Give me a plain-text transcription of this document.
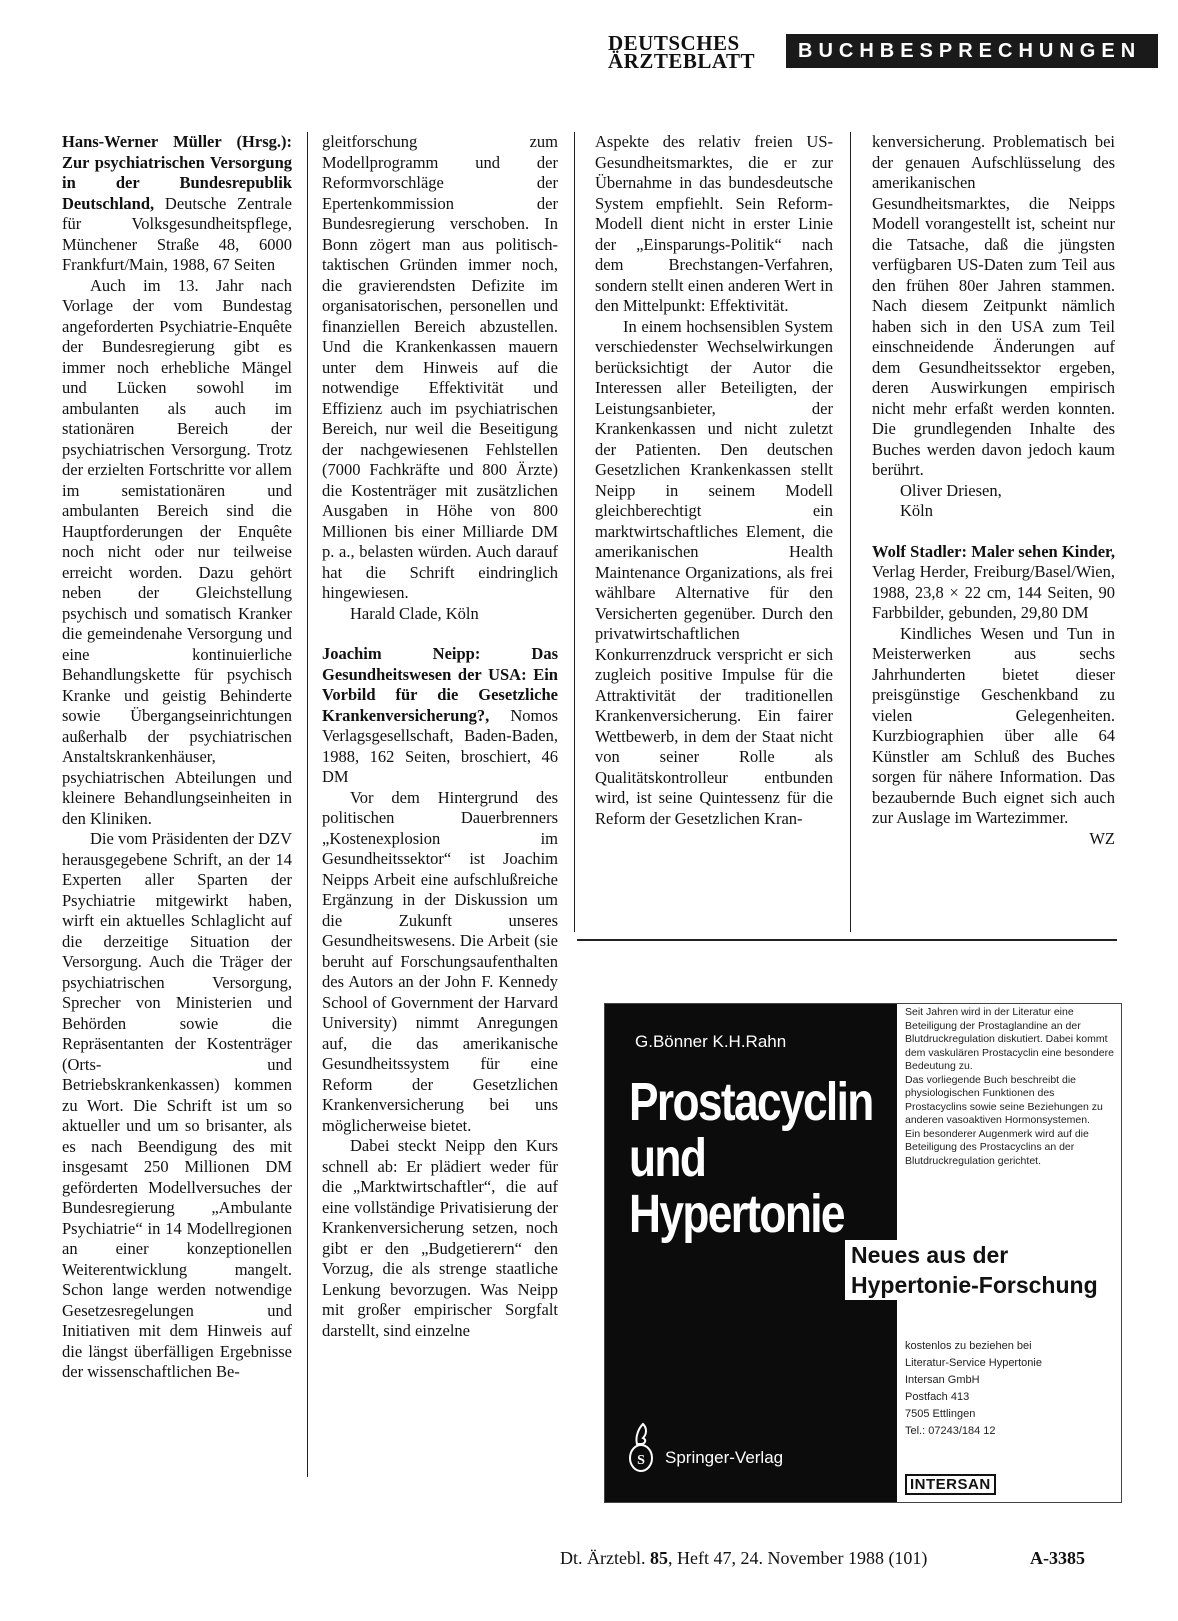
DEUTSCHES
ÄRZTEBLATT BUCHBESPRECHUNGEN

Hans-Werner Müller (Hrsg.): Zur psychiatrischen Versorgung in der Bundesrepublik Deutschland, Deutsche Zentrale für Volksgesundheitspflege, Münchener Straße 48, 6000 Frankfurt/Main, 1988, 67 Seiten

Auch im 13. Jahr nach Vorlage der vom Bundestag angeforderten Psychiatrie-Enquête der Bundesregierung gibt es immer noch erhebliche Mängel und Lücken sowohl im ambulanten als auch im stationären Bereich der psychiatrischen Versorgung. Trotz der erzielten Fortschritte vor allem im semistationären und ambulanten Bereich sind die Hauptforderungen der Enquête noch nicht oder nur teilweise erreicht worden. Dazu gehört neben der Gleichstellung psychisch und somatisch Kranker die gemeindenahe Versorgung und eine kontinuierliche Behandlungskette für psychisch Kranke und geistig Behinderte sowie Übergangseinrichtungen außerhalb der psychiatrischen Anstaltskrankenhäuser, psychiatrischen Abteilungen und kleinere Behandlungseinheiten in den Kliniken.

Die vom Präsidenten der DZV herausgegebene Schrift, an der 14 Experten aller Sparten der Psychiatrie mitgewirkt haben, wirft ein aktuelles Schlaglicht auf die derzeitige Situation der Versorgung. Auch die Träger der psychiatrischen Versorgung, Sprecher von Ministerien und Behörden sowie die Repräsentanten der Kostenträger (Orts- und Betriebskrankenkassen) kommen zu Wort. Die Schrift ist um so aktueller und um so brisanter, als es nach Beendigung des mit insgesamt 250 Millionen DM geförderten Modellversuches der Bundesregierung „Ambulante Psychiatrie“ in 14 Modellregionen an einer konzeptionellen Weiterentwicklung mangelt. Schon lange werden notwendige Gesetzesregelungen und Initiativen mit dem Hinweis auf die längst überfälligen Ergebnisse der wissenschaftlichen Be-

gleitforschung zum Modellprogramm und der Reformvorschläge der Epertenkommission der Bundesregierung verschoben. In Bonn zögert man aus politisch-taktischen Gründen immer noch, die gravierendsten Defizite im organisatorischen, personellen und finanziellen Bereich abzustellen. Und die Krankenkassen mauern unter dem Hinweis auf die notwendige Effektivität und Effizienz auch im psychiatrischen Bereich, nur weil die Beseitigung der nachgewiesenen Fehlstellen (7000 Fachkräfte und 800 Ärzte) die Kostenträger mit zusätzlichen Ausgaben in Höhe von 800 Millionen bis einer Milliarde DM p. a., belasten würden. Auch darauf hat die Schrift eindringlich hingewiesen.

Harald Clade, Köln

Joachim Neipp: Das Gesundheitswesen der USA: Ein Vorbild für die Gesetzliche Krankenversicherung?, Nomos Verlagsgesellschaft, Baden-Baden, 1988, 162 Seiten, broschiert, 46 DM

Vor dem Hintergrund des politischen Dauerbrenners „Kostenexplosion im Gesundheitssektor“ ist Joachim Neipps Arbeit eine aufschlußreiche Ergänzung in der Diskussion um die Zukunft unseres Gesundheitswesens. Die Arbeit (sie beruht auf Forschungsaufenthalten des Autors an der John F. Kennedy School of Government der Harvard University) nimmt Anregungen auf, die das amerikanische Gesundheitssystem für eine Reform der Gesetzlichen Krankenversicherung bei uns möglicherweise bietet.

Dabei steckt Neipp den Kurs schnell ab: Er plädiert weder für die „Marktwirtschaftler“, die auf eine vollständige Privatisierung der Krankenversicherung setzen, noch gibt er den „Budgetierern“ den Vorzug, die als strenge staatliche Lenkung bevorzugen. Was Neipp mit großer empirischer Sorgfalt darstellt, sind einzelne

Aspekte des relativ freien US-Gesundheitsmarktes, die er zur Übernahme in das bundesdeutsche System empfiehlt. Sein Reform-Modell dient nicht in erster Linie der „Einsparungs-Politik“ nach dem Brechstangen-Verfahren, sondern stellt einen anderen Wert in den Mittelpunkt: Effektivität.

In einem hochsensiblen System verschiedenster Wechselwirkungen berücksichtigt der Autor die Interessen aller Beteiligten, der Leistungsanbieter, der Krankenkassen und nicht zuletzt der Patienten. Den deutschen Gesetzlichen Krankenkassen stellt Neipp in seinem Modell gleichberechtigt ein marktwirtschaftliches Element, die amerikanischen Health Maintenance Organizations, als frei wählbare Alternative für den Versicherten gegenüber. Durch den privatwirtschaftlichen Konkurrenzdruck verspricht er sich zugleich positive Impulse für die Attraktivität der traditionellen Krankenversicherung. Ein fairer Wettbewerb, in dem der Staat nicht von seiner Rolle als Qualitätskontrolleur entbunden wird, ist seine Quintessenz für die Reform der Gesetzlichen Kran-

kenversicherung. Problematisch bei der genauen Aufschlüsselung des amerikanischen Gesundheitsmarktes, die Neipps Modell vorangestellt ist, scheint nur die Tatsache, daß die jüngsten verfügbaren US-Daten zum Teil aus den frühen 80er Jahren stammen. Nach diesem Zeitpunkt nämlich haben sich in den USA zum Teil einschneidende Änderungen auf dem Gesundheitssektor ergeben, deren Auswirkungen empirisch nicht mehr erfaßt werden konnten. Die grundlegenden Inhalte des Buches werden davon jedoch kaum berührt.

Oliver Driesen,

Köln

Wolf Stadler: Maler sehen Kinder, Verlag Herder, Freiburg/Basel/Wien, 1988, 23,8 × 22 cm, 144 Seiten, 90 Farbbilder, gebunden, 29,80 DM

Kindliches Wesen und Tun in Meisterwerken aus sechs Jahrhunderten bietet dieser preisgünstige Geschenkband zu vielen Gelegenheiten. Kurzbiographien über alle 64 Künstler am Schluß des Buches sorgen für nähere Information. Das bezaubernde Buch eignet sich auch zur Auslage im Wartezimmer.
WZ

G.Bönner K.H.Rahn
Prostacyclin
und
Hypertonie
S Springer-Verlag

Seit Jahren wird in der Literatur eine Beteiligung der Prostaglandine an der Blutdruckregulation diskutiert. Dabei kommt dem vaskulären Prostacyclin eine besondere Bedeutung zu.

Das vorliegende Buch beschreibt die physiologischen Funktionen des Prostacyclins sowie seine Beziehungen zu anderen vasoaktiven Hormonsystemen.

Ein besonderer Augenmerk wird auf die Beteiligung des Prostacyclins an der Blutdruckregulation gerichtet.

Neues aus der
Hypertonie-Forschung
kostenlos zu beziehen bei
Literatur-Service Hypertonie
Intersan GmbH
Postfach 413
7505 Ettlingen
Tel.: 07243/184 12
INTERSAN
Dt. Ärztebl. 85, Heft 47, 24. November 1988 (101)	A-3385
